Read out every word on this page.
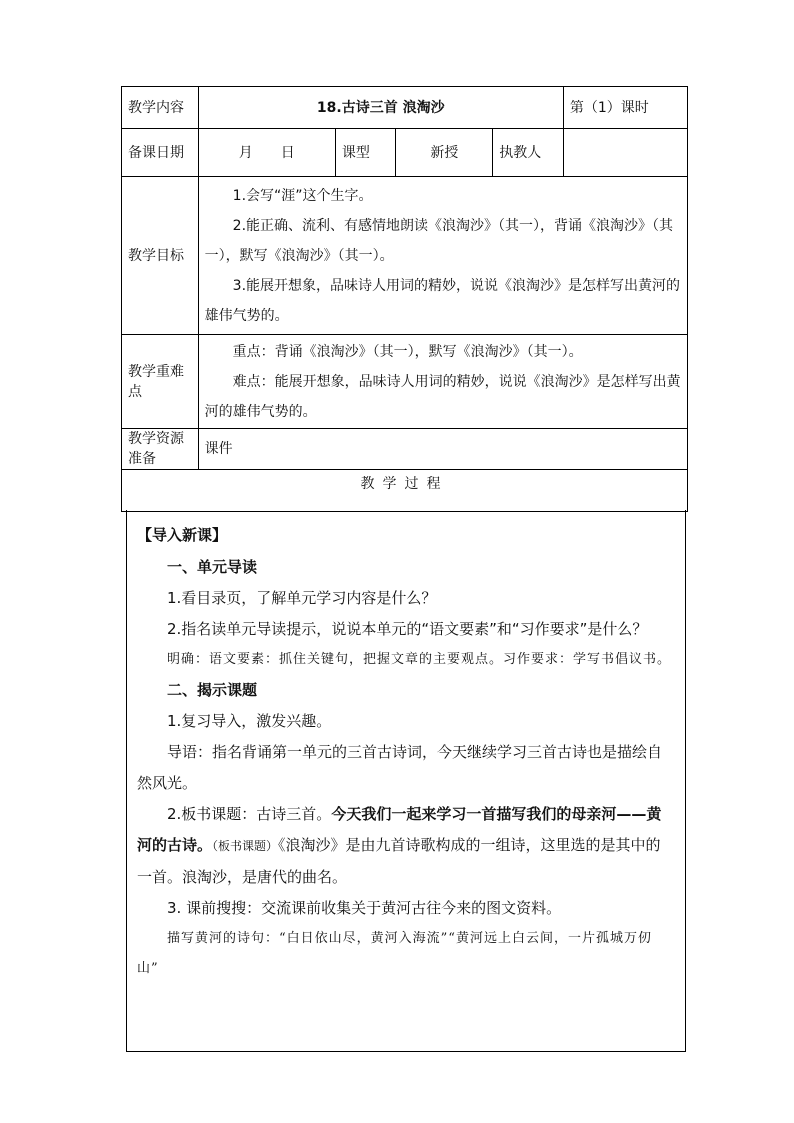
教学内容	18.古诗三首 浪淘沙				第（1）课时
备课日期	月　　日	课型	新授	执教人	
教学目标	1.会写“涯”这个生字。

2.能正确、流利、有感情地朗读《浪淘沙》（其一），背诵《浪淘沙》（其一），默写《浪淘沙》（其一）。

3.能展开想象，品味诗人用词的精妙，说说《浪淘沙》是怎样写出黄河的雄伟气势的。				

教学重难点	重点：背诵《浪淘沙》（其一），默写《浪淘沙》（其一）。

难点：能展开想象，品味诗人用词的精妙，说说《浪淘沙》是怎样写出黄河的雄伟气势的。				

教学资源准备	课件				
教学过程					

【导入新课】

一、单元导读

1.看目录页，了解单元学习内容是什么？

2.指名读单元导读提示，说说本单元的“语文要素”和“习作要求”是什么？

明确：语文要素：抓住关键句，把握文章的主要观点。习作要求：学写书倡议书。

二、揭示课题

1.复习导入，激发兴趣。

导语：指名背诵第一单元的三首古诗词，今天继续学习三首古诗也是描绘自然风光。

2.板书课题：古诗三首。今天我们一起来学习一首描写我们的母亲河——黄河的古诗。（板书课题）《浪淘沙》是由九首诗歌构成的一组诗，这里选的是其中的一首。浪淘沙，是唐代的曲名。

3. 课前搜搜：交流课前收集关于黄河古往今来的图文资料。

描写黄河的诗句：“白日依山尽，黄河入海流”“黄河远上白云间，一片孤城万仞山”
